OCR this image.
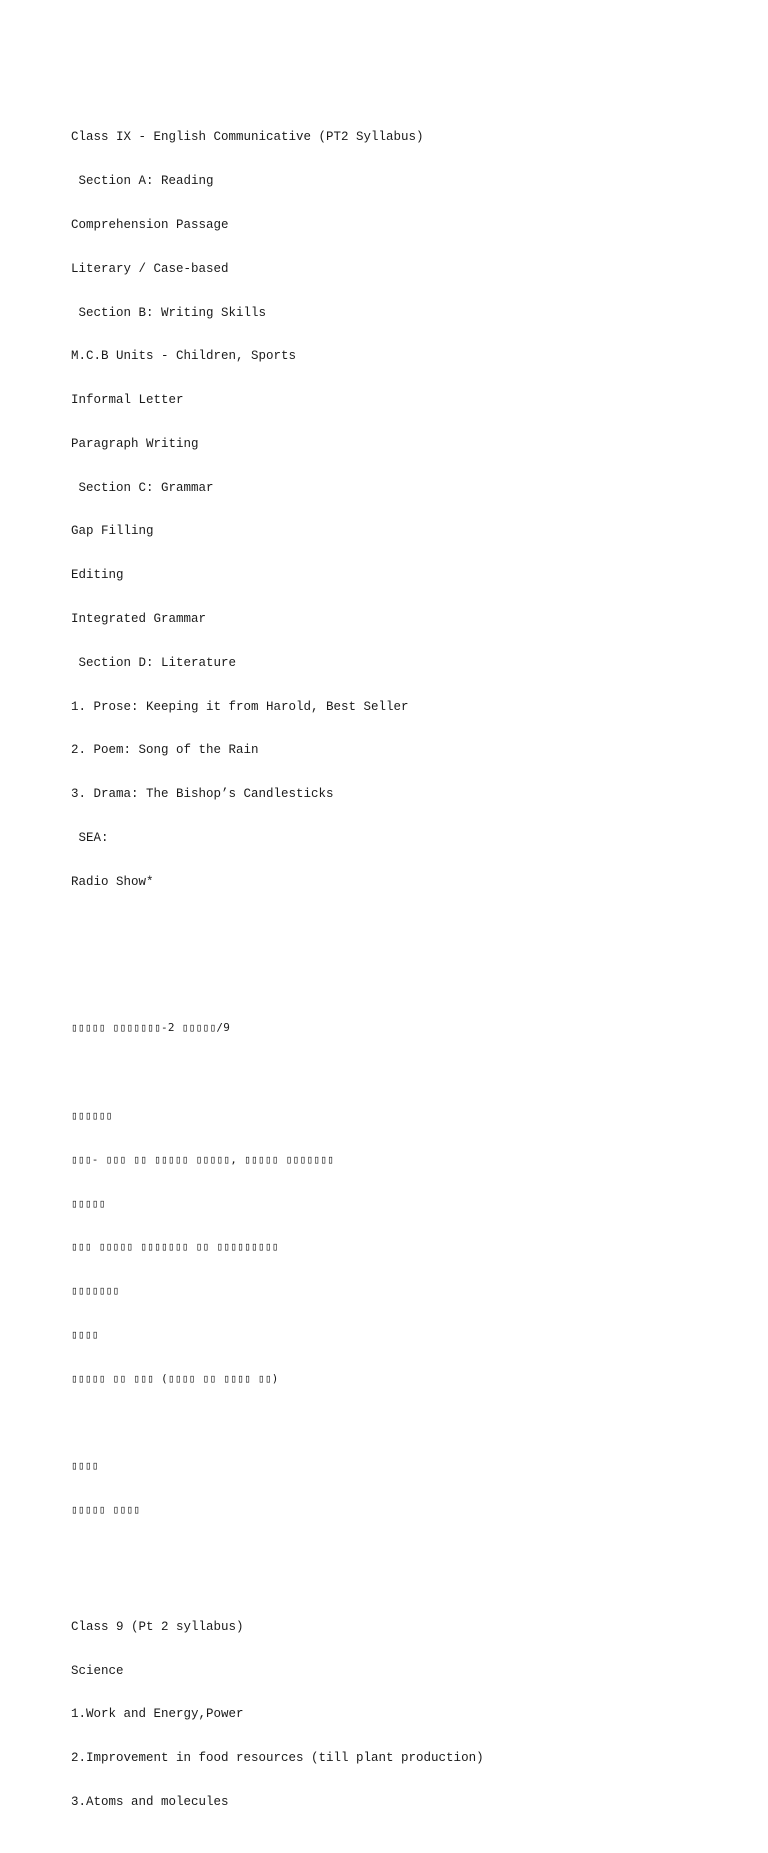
Class IX - English Communicative (PT2 Syllabus)

Section A: Reading

Comprehension Passage

Literary / Case-based

Section B: Writing Skills

M.C.B Units - Children, Sports

Informal Letter

Paragraph Writing

Section C: Grammar

Gap Filling

Editing

Integrated Grammar

Section D: Literature

1. Prose: Keeping it from Harold, Best Seller

2. Poem: Song of the Rain

3. Drama: The Bishop’s Candlesticks

SEA:

Radio Show*

▯▯▯▯▯ ▯▯▯▯▯▯▯-2 ▯▯▯▯▯/9

▯▯▯▯▯▯

▯▯▯- ▯▯▯ ▯▯ ▯▯▯▯▯ ▯▯▯▯▯, ▯▯▯▯▯ ▯▯▯▯▯▯▯

▯▯▯▯▯

▯▯▯ ▯▯▯▯▯ ▯▯▯▯▯▯▯ ▯▯ ▯▯▯▯▯▯▯▯▯

▯▯▯▯▯▯▯

▯▯▯▯

▯▯▯▯▯ ▯▯ ▯▯▯ (▯▯▯▯ ▯▯ ▯▯▯▯ ▯▯)

▯▯▯▯

▯▯▯▯▯ ▯▯▯▯

Class 9 (Pt 2 syllabus)

Science

1.Work and Energy,Power

2.Improvement in food resources (till plant production)

3.Atoms and molecules
